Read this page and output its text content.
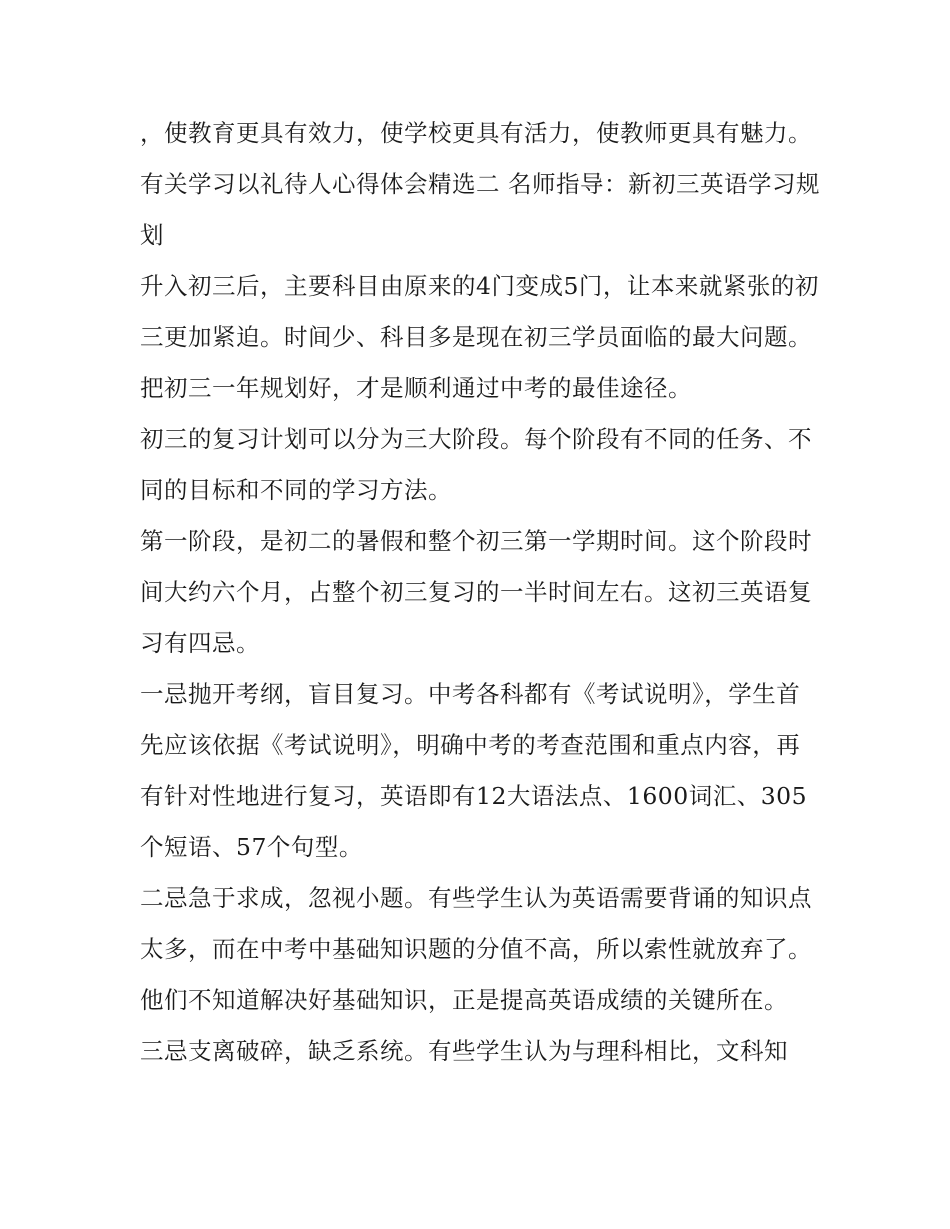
，使教育更具有效力，使学校更具有活力，使教师更具有魅力。 有关学习以礼待人心得体会精选二 名师指导：新初三英语学习规划

升入初三后，主要科目由原来的4门变成5门，让本来就紧张的初三更加紧迫。时间少、科目多是现在初三学员面临的最大问题。把初三一年规划好，才是顺利通过中考的最佳途径。

初三的复习计划可以分为三大阶段。每个阶段有不同的任务、不同的目标和不同的学习方法。

第一阶段，是初二的暑假和整个初三第一学期时间。这个阶段时间大约六个月，占整个初三复习的一半时间左右。这初三英语复习有四忌。

一忌抛开考纲，盲目复习。中考各科都有《考试说明》，学生首先应该依据《考试说明》，明确中考的考查范围和重点内容，再有针对性地进行复习，英语即有12大语法点、1600词汇、305个短语、57个句型。

二忌急于求成，忽视小题。有些学生认为英语需要背诵的知识点太多，而在中考中基础知识题的分值不高，所以索性就放弃了。他们不知道解决好基础知识，正是提高英语成绩的关键所在。

三忌支离破碎，缺乏系统。有些学生认为与理科相比，文科知
